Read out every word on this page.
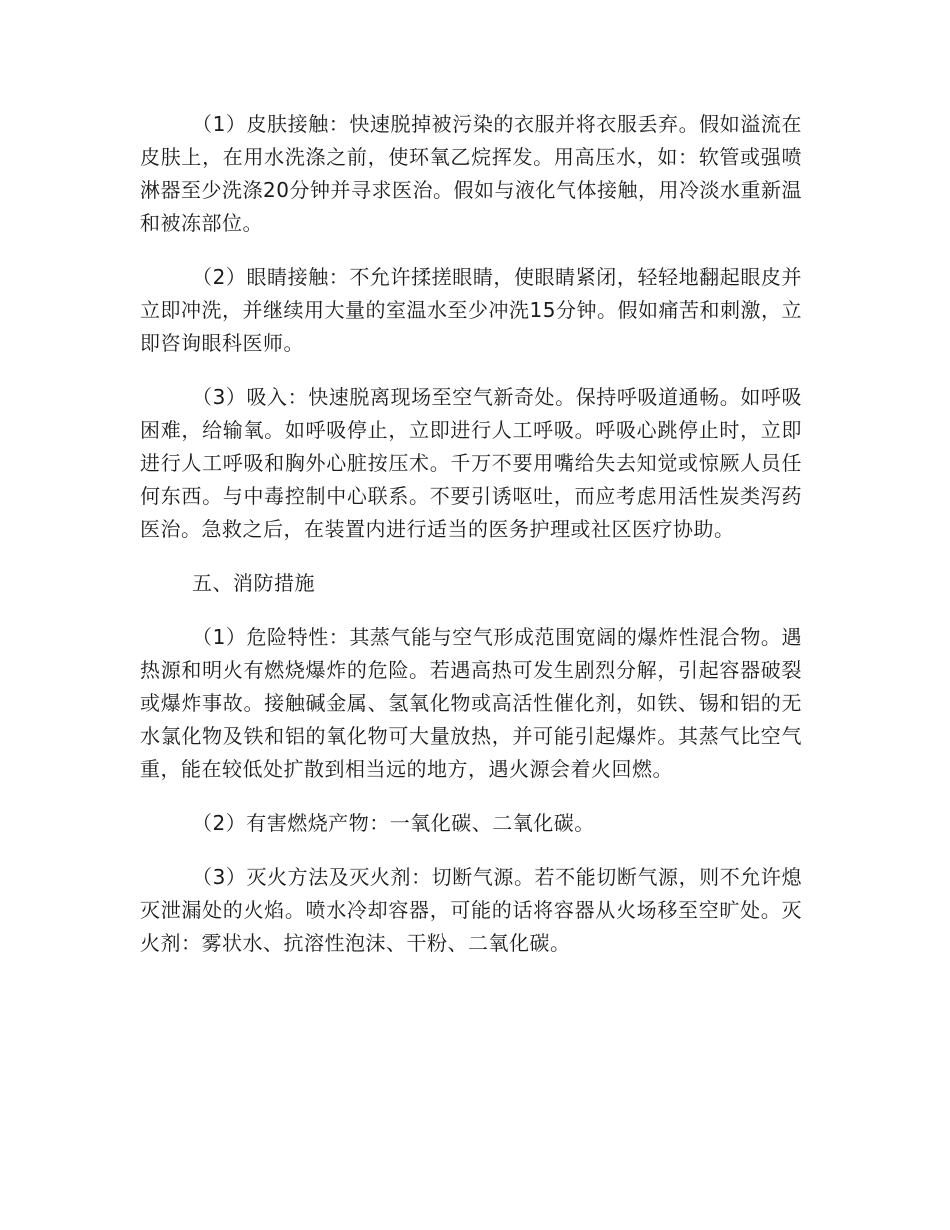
（1）皮肤接触：快速脱掉被污染的衣服并将衣服丢弃。假如溢流在皮肤上，在用水洗涤之前，使环氧乙烷挥发。用高压水，如：软管或强喷淋器至少洗涤20分钟并寻求医治。假如与液化气体接触，用冷淡水重新温和被冻部位。

（2）眼睛接触：不允许揉搓眼睛，使眼睛紧闭，轻轻地翻起眼皮并立即冲洗，并继续用大量的室温水至少冲洗15分钟。假如痛苦和刺激，立即咨询眼科医师。

（3）吸入：快速脱离现场至空气新奇处。保持呼吸道通畅。如呼吸困难，给输氧。如呼吸停止，立即进行人工呼吸。呼吸心跳停止时，立即进行人工呼吸和胸外心脏按压术。千万不要用嘴给失去知觉或惊厥人员任何东西。与中毒控制中心联系。不要引诱呕吐，而应考虑用活性炭类泻药医治。急救之后，在装置内进行适当的医务护理或社区医疗协助。

五、消防措施

（1）危险特性：其蒸气能与空气形成范围宽阔的爆炸性混合物。遇热源和明火有燃烧爆炸的危险。若遇高热可发生剧烈分解，引起容器破裂或爆炸事故。接触碱金属、氢氧化物或高活性催化剂，如铁、锡和铝的无水氯化物及铁和铝的氧化物可大量放热，并可能引起爆炸。其蒸气比空气重，能在较低处扩散到相当远的地方，遇火源会着火回燃。

（2）有害燃烧产物：一氧化碳、二氧化碳。

（3）灭火方法及灭火剂：切断气源。若不能切断气源，则不允许熄灭泄漏处的火焰。喷水冷却容器，可能的话将容器从火场移至空旷处。灭火剂：雾状水、抗溶性泡沫、干粉、二氧化碳。
